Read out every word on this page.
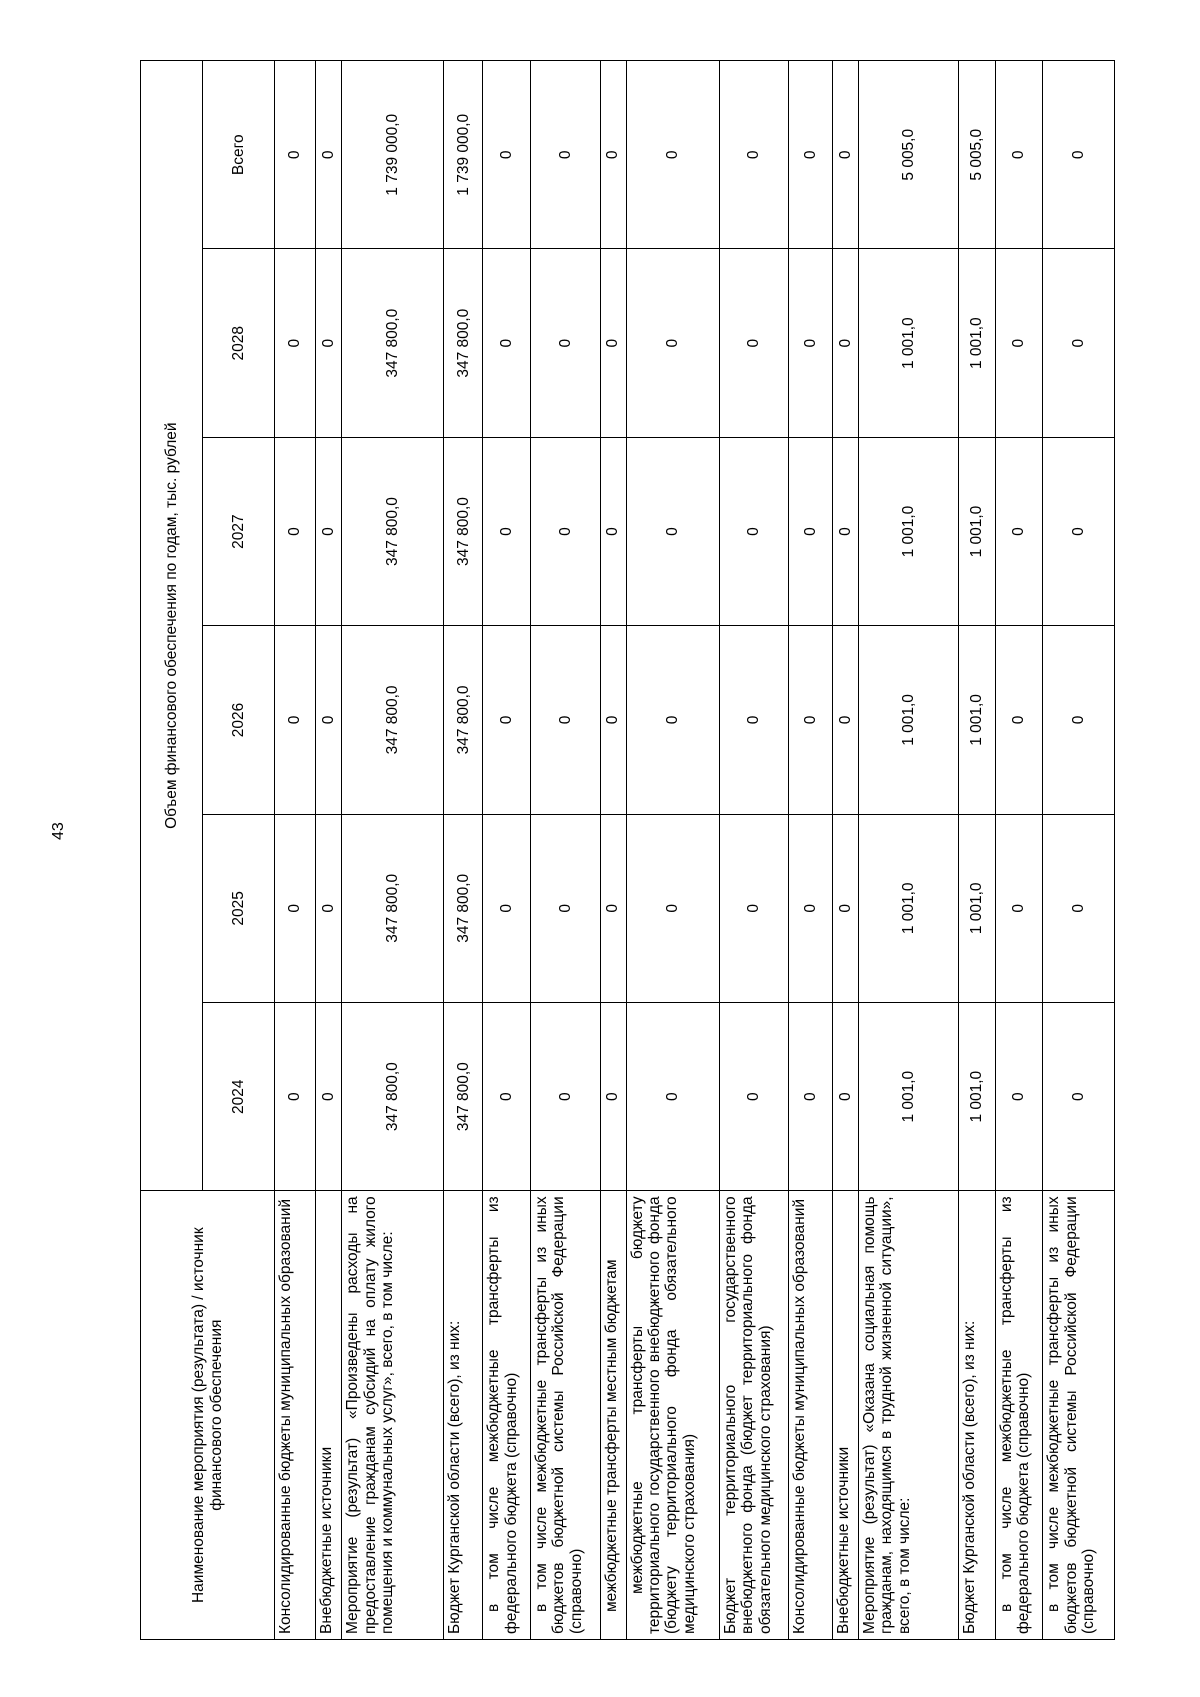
43
Наименование мероприятия (результата) / источник финансового обеспечения	Объем финансового обеспечения по годам, тыс. рублей					
	2024	2025	2026	2027	2028	Всего
Консолидированные бюджеты муниципальных образований	0	0	0	0	0	0
Внебюджетные источники	0	0	0	0	0	0
Мероприятие (результат) «Произведены расходы на предоставление гражданам субсидий на оплату жилого помещения и коммунальных услуг», всего, в том числе:	347 800,0	347 800,0	347 800,0	347 800,0	347 800,0	1 739 000,0
Бюджет Курганской области (всего), из них:	347 800,0	347 800,0	347 800,0	347 800,0	347 800,0	1 739 000,0
в том числе межбюджетные трансферты из федерального бюджета (справочно)	0	0	0	0	0	0
в том числе межбюджетные трансферты из иных бюджетов бюджетной системы Российской Федерации (справочно)	0	0	0	0	0	0
межбюджетные трансферты местным бюджетам	0	0	0	0	0	0
межбюджетные трансферты бюджету территориального государственного внебюджетного фонда (бюджету территориального фонда обязательного медицинского страхования)	0	0	0	0	0	0
Бюджет территориального государственного внебюджетного фонда (бюджет территориального фонда обязательного медицинского страхования)	0	0	0	0	0	0
Консолидированные бюджеты муниципальных образований	0	0	0	0	0	0
Внебюджетные источники	0	0	0	0	0	0
Мероприятие (результат) «Оказана социальная помощь гражданам, находящимся в трудной жизненной ситуации», всего, в том числе:	1 001,0	1 001,0	1 001,0	1 001,0	1 001,0	5 005,0
Бюджет Курганской области (всего), из них:	1 001,0	1 001,0	1 001,0	1 001,0	1 001,0	5 005,0
в том числе межбюджетные трансферты из федерального бюджета (справочно)	0	0	0	0	0	0
в том числе межбюджетные трансферты из иных бюджетов бюджетной системы Российской Федерации (справочно)	0	0	0	0	0	0
